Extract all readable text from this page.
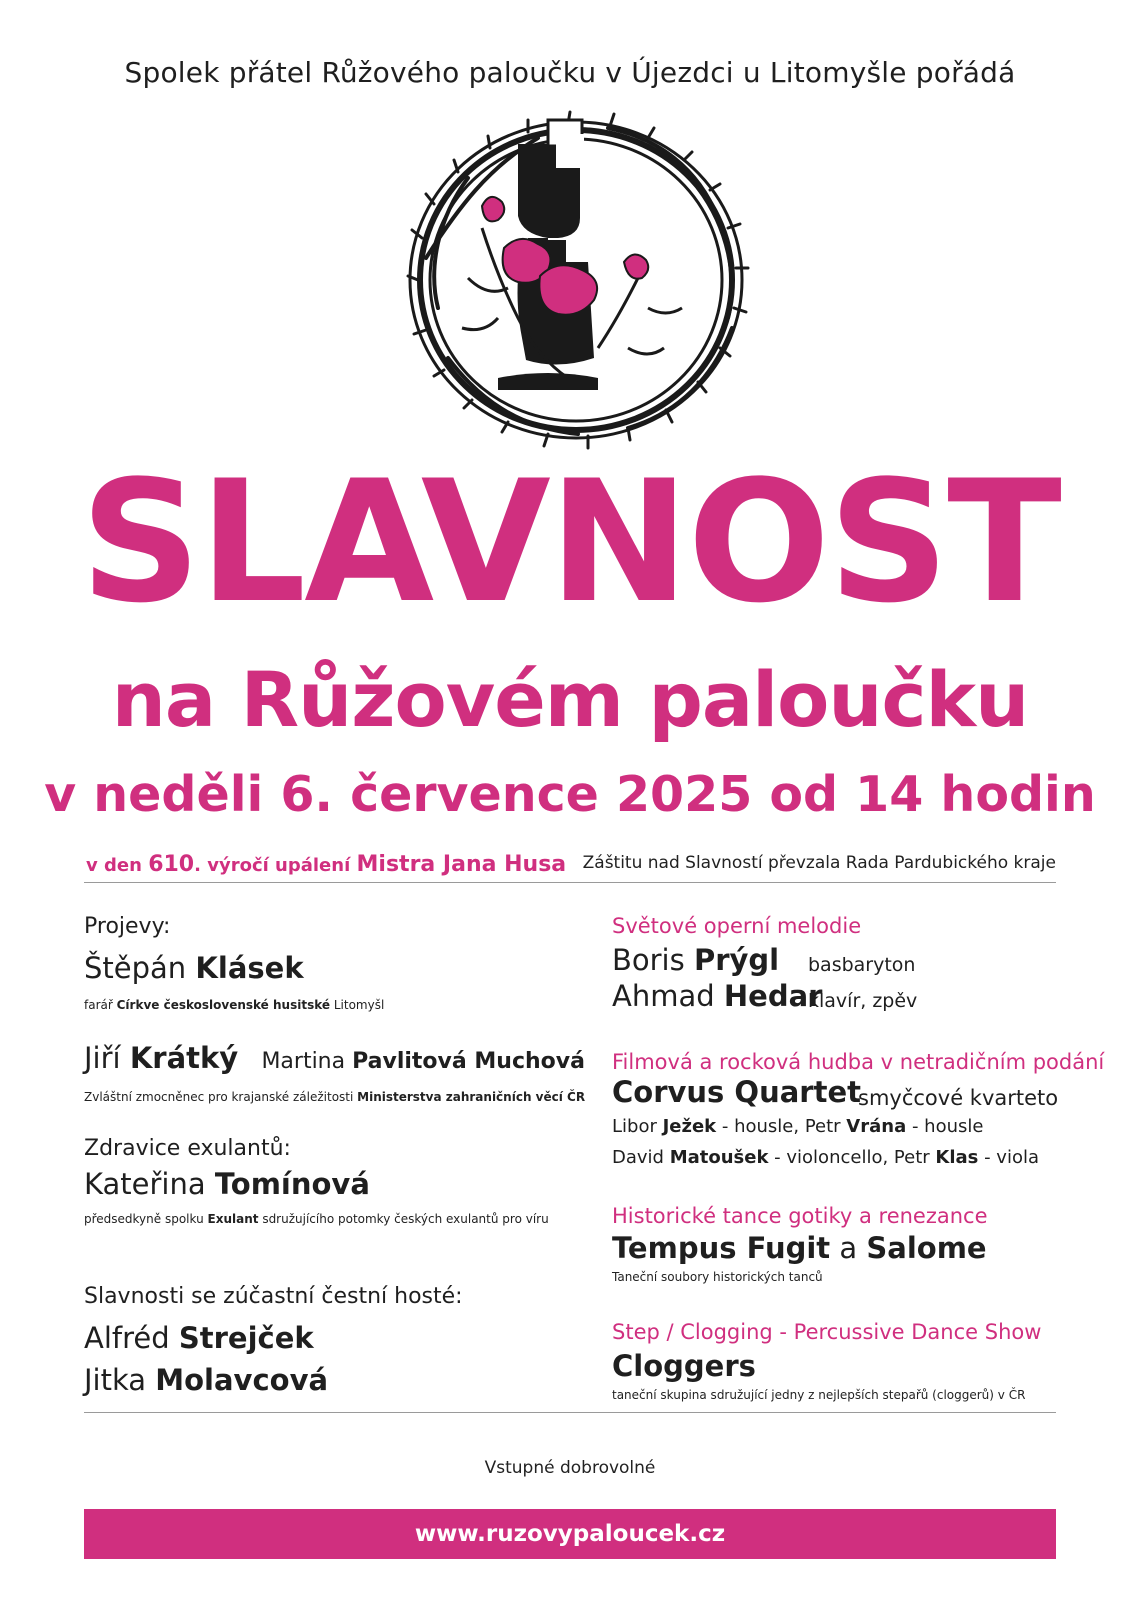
Spolek přátel Růžového paloučku v Újezdci u Litomyšle pořádá
SLAVNOST
na Růžovém paloučku
v neděli 6. července 2025 od 14 hodin
v den 610. výročí upálení Mistra Jana Husa Záštitu nad Slavností převzala Rada Pardubického kraje
Projevy:
Štěpán Klásek
farář Církve československé husitské Litomyšl
Jiří Krátký Martina Pavlitová Muchová
Zvláštní zmocněnec pro krajanské záležitosti Ministerstva zahraničních věcí ČR
Zdravice exulantů:
Kateřina Tomínová
předsedkyně spolku Exulant sdružujícího potomky českých exulantů pro víru
Slavnosti se zúčastní čestní hosté:
Alfréd Strejček
Jitka Molavcová
Světové operní melodie
Boris Prýgl basbaryton
Ahmad Hedar
klavír, zpěv
Filmová a rocková hudba v netradičním podání
Corvus Quartet
smyčcové kvarteto
Libor Ježek - housle, Petr Vrána - housle
David Matoušek - violoncello, Petr Klas - viola
Historické tance gotiky a renezance
Tempus Fugit a Salome
Taneční soubory historických tanců
Step / Clogging - Percussive Dance Show
Cloggers
taneční skupina sdružující jedny z nejlepších stepařů (cloggerů) v ČR
Vstupné dobrovolné
www.ruzovypaloucek.cz
